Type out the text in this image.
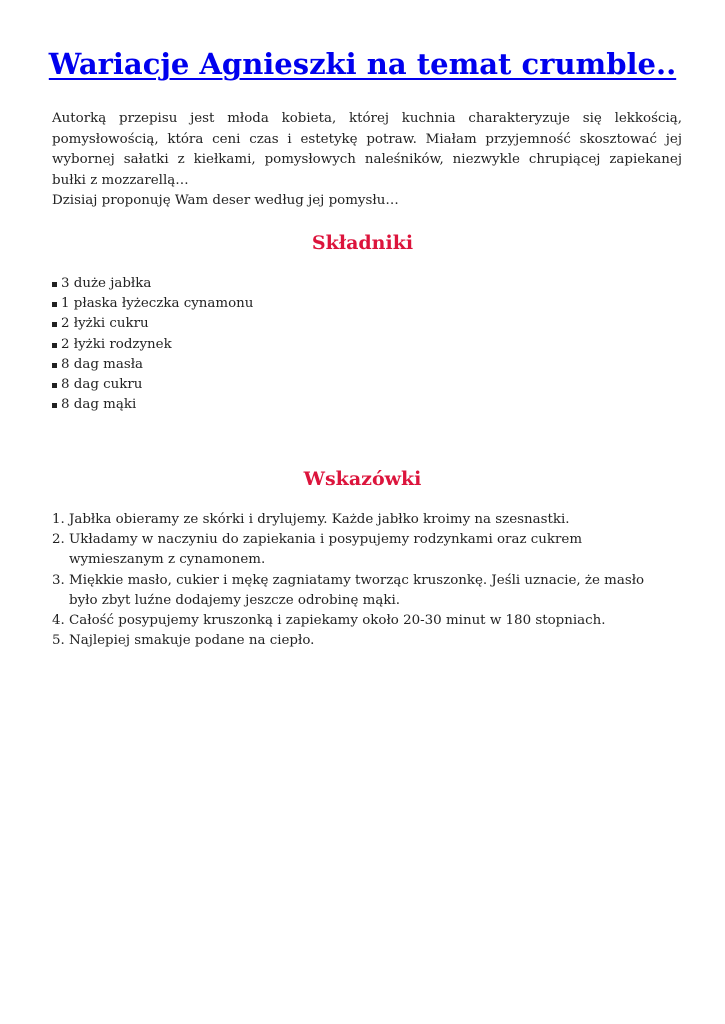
Wariacje Agnieszki na temat crumble..

Autorką przepisu jest młoda kobieta, której kuchnia charakteryzuje się lekkością, pomysłowością, która ceni czas i estetykę potraw. Miałam przyjemność skosztować jej wybornej sałatki z kiełkami, pomysłowych naleśników, niezwykle chrupiącej zapiekanej bułki z mozzarellą…

Dzisiaj proponuję Wam deser według jej pomysłu…

Składniki
3 duże jabłka
1 płaska łyżeczka cynamonu
2 łyżki cukru
2 łyżki rodzynek
8 dag masła
8 dag cukru
8 dag mąki
Wskazówki
1. Jabłka obieramy ze skórki i drylujemy. Każde jabłko kroimy na szesnastki.
2. Układamy w naczyniu do zapiekania i posypujemy rodzynkami oraz cukrem wymieszanym z cynamonem.
3. Miękkie masło, cukier i mękę zagniatamy tworząc kruszonkę. Jeśli uznacie, że masło było zbyt luźne dodajemy jeszcze odrobinę mąki.
4. Całość posypujemy kruszonką i zapiekamy około 20-30 minut w 180 stopniach.
5. Najlepiej smakuje podane na ciepło.
